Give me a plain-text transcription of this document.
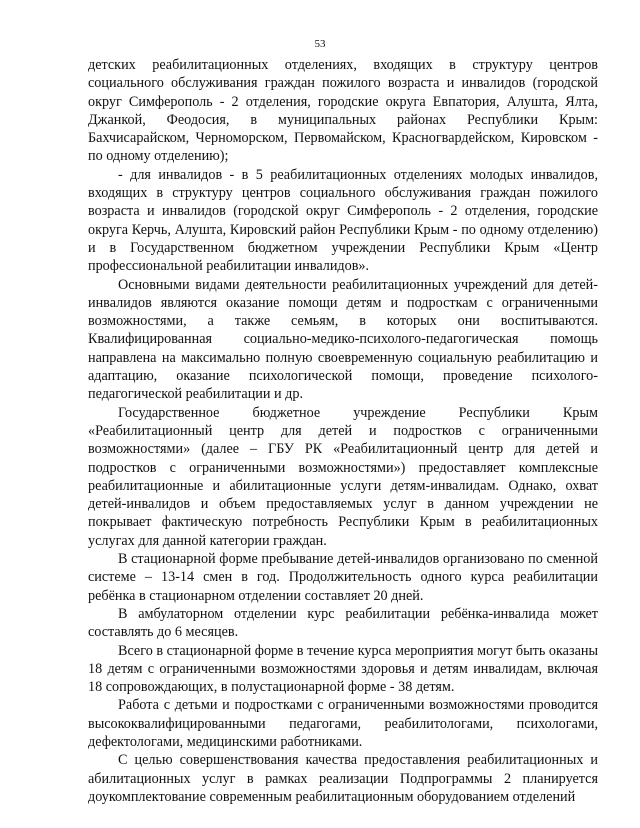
53

детских реабилитационных отделениях, входящих в структуру центров социального обслуживания граждан пожилого возраста и инвалидов (городской округ Симферополь - 2 отделения, городские округа Евпатория, Алушта, Ялта, Джанкой, Феодосия, в муниципальных районах Республики Крым: Бахчисарайском, Черноморском, Первомайском, Красногвардейском, Кировском - по одному отделению);

- для инвалидов - в 5 реабилитационных отделениях молодых инвалидов, входящих в структуру центров социального обслуживания граждан пожилого возраста и инвалидов (городской округ Симферополь - 2 отделения, городские округа Керчь, Алушта, Кировский район Республики Крым - по одному отделению) и в Государственном бюджетном учреждении Республики Крым «Центр профессиональной реабилитации инвалидов».

Основными видами деятельности реабилитационных учреждений для детей-инвалидов являются оказание помощи детям и подросткам с ограниченными возможностями, а также семьям, в которых они воспитываются. Квалифицированная социально-медико-психолого-педагогическая помощь направлена на максимально полную своевременную социальную реабилитацию и адаптацию, оказание психологической помощи, проведение психолого-педагогической реабилитации и др.

Государственное бюджетное учреждение Республики Крым «Реабилитационный центр для детей и подростков с ограниченными возможностями» (далее – ГБУ РК «Реабилитационный центр для детей и подростков с ограниченными возможностями») предоставляет комплексные реабилитационные и абилитационные услуги детям-инвалидам. Однако, охват детей-инвалидов и объем предоставляемых услуг в данном учреждении не покрывает фактическую потребность Республики Крым в реабилитационных услугах для данной категории граждан.

В стационарной форме пребывание детей-инвалидов организовано по сменной системе – 13-14 смен в год. Продолжительность одного курса реабилитации ребёнка в стационарном отделении составляет 20 дней.

В амбулаторном отделении курс реабилитации ребёнка-инвалида может составлять до 6 месяцев.

Всего в стационарной форме в течение курса мероприятия могут быть оказаны 18 детям с ограниченными возможностями здоровья и детям инвалидам, включая 18 сопровождающих, в полустационарной форме - 38 детям.

Работа с детьми и подростками с ограниченными возможностями проводится высококвалифицированными педагогами, реабилитологами, психологами, дефектологами, медицинскими работниками.

С целью совершенствования качества предоставления реабилитационных и абилитационных услуг в рамках реализации Подпрограммы 2 планируется доукомплектование современным реабилитационным оборудованием отделений
